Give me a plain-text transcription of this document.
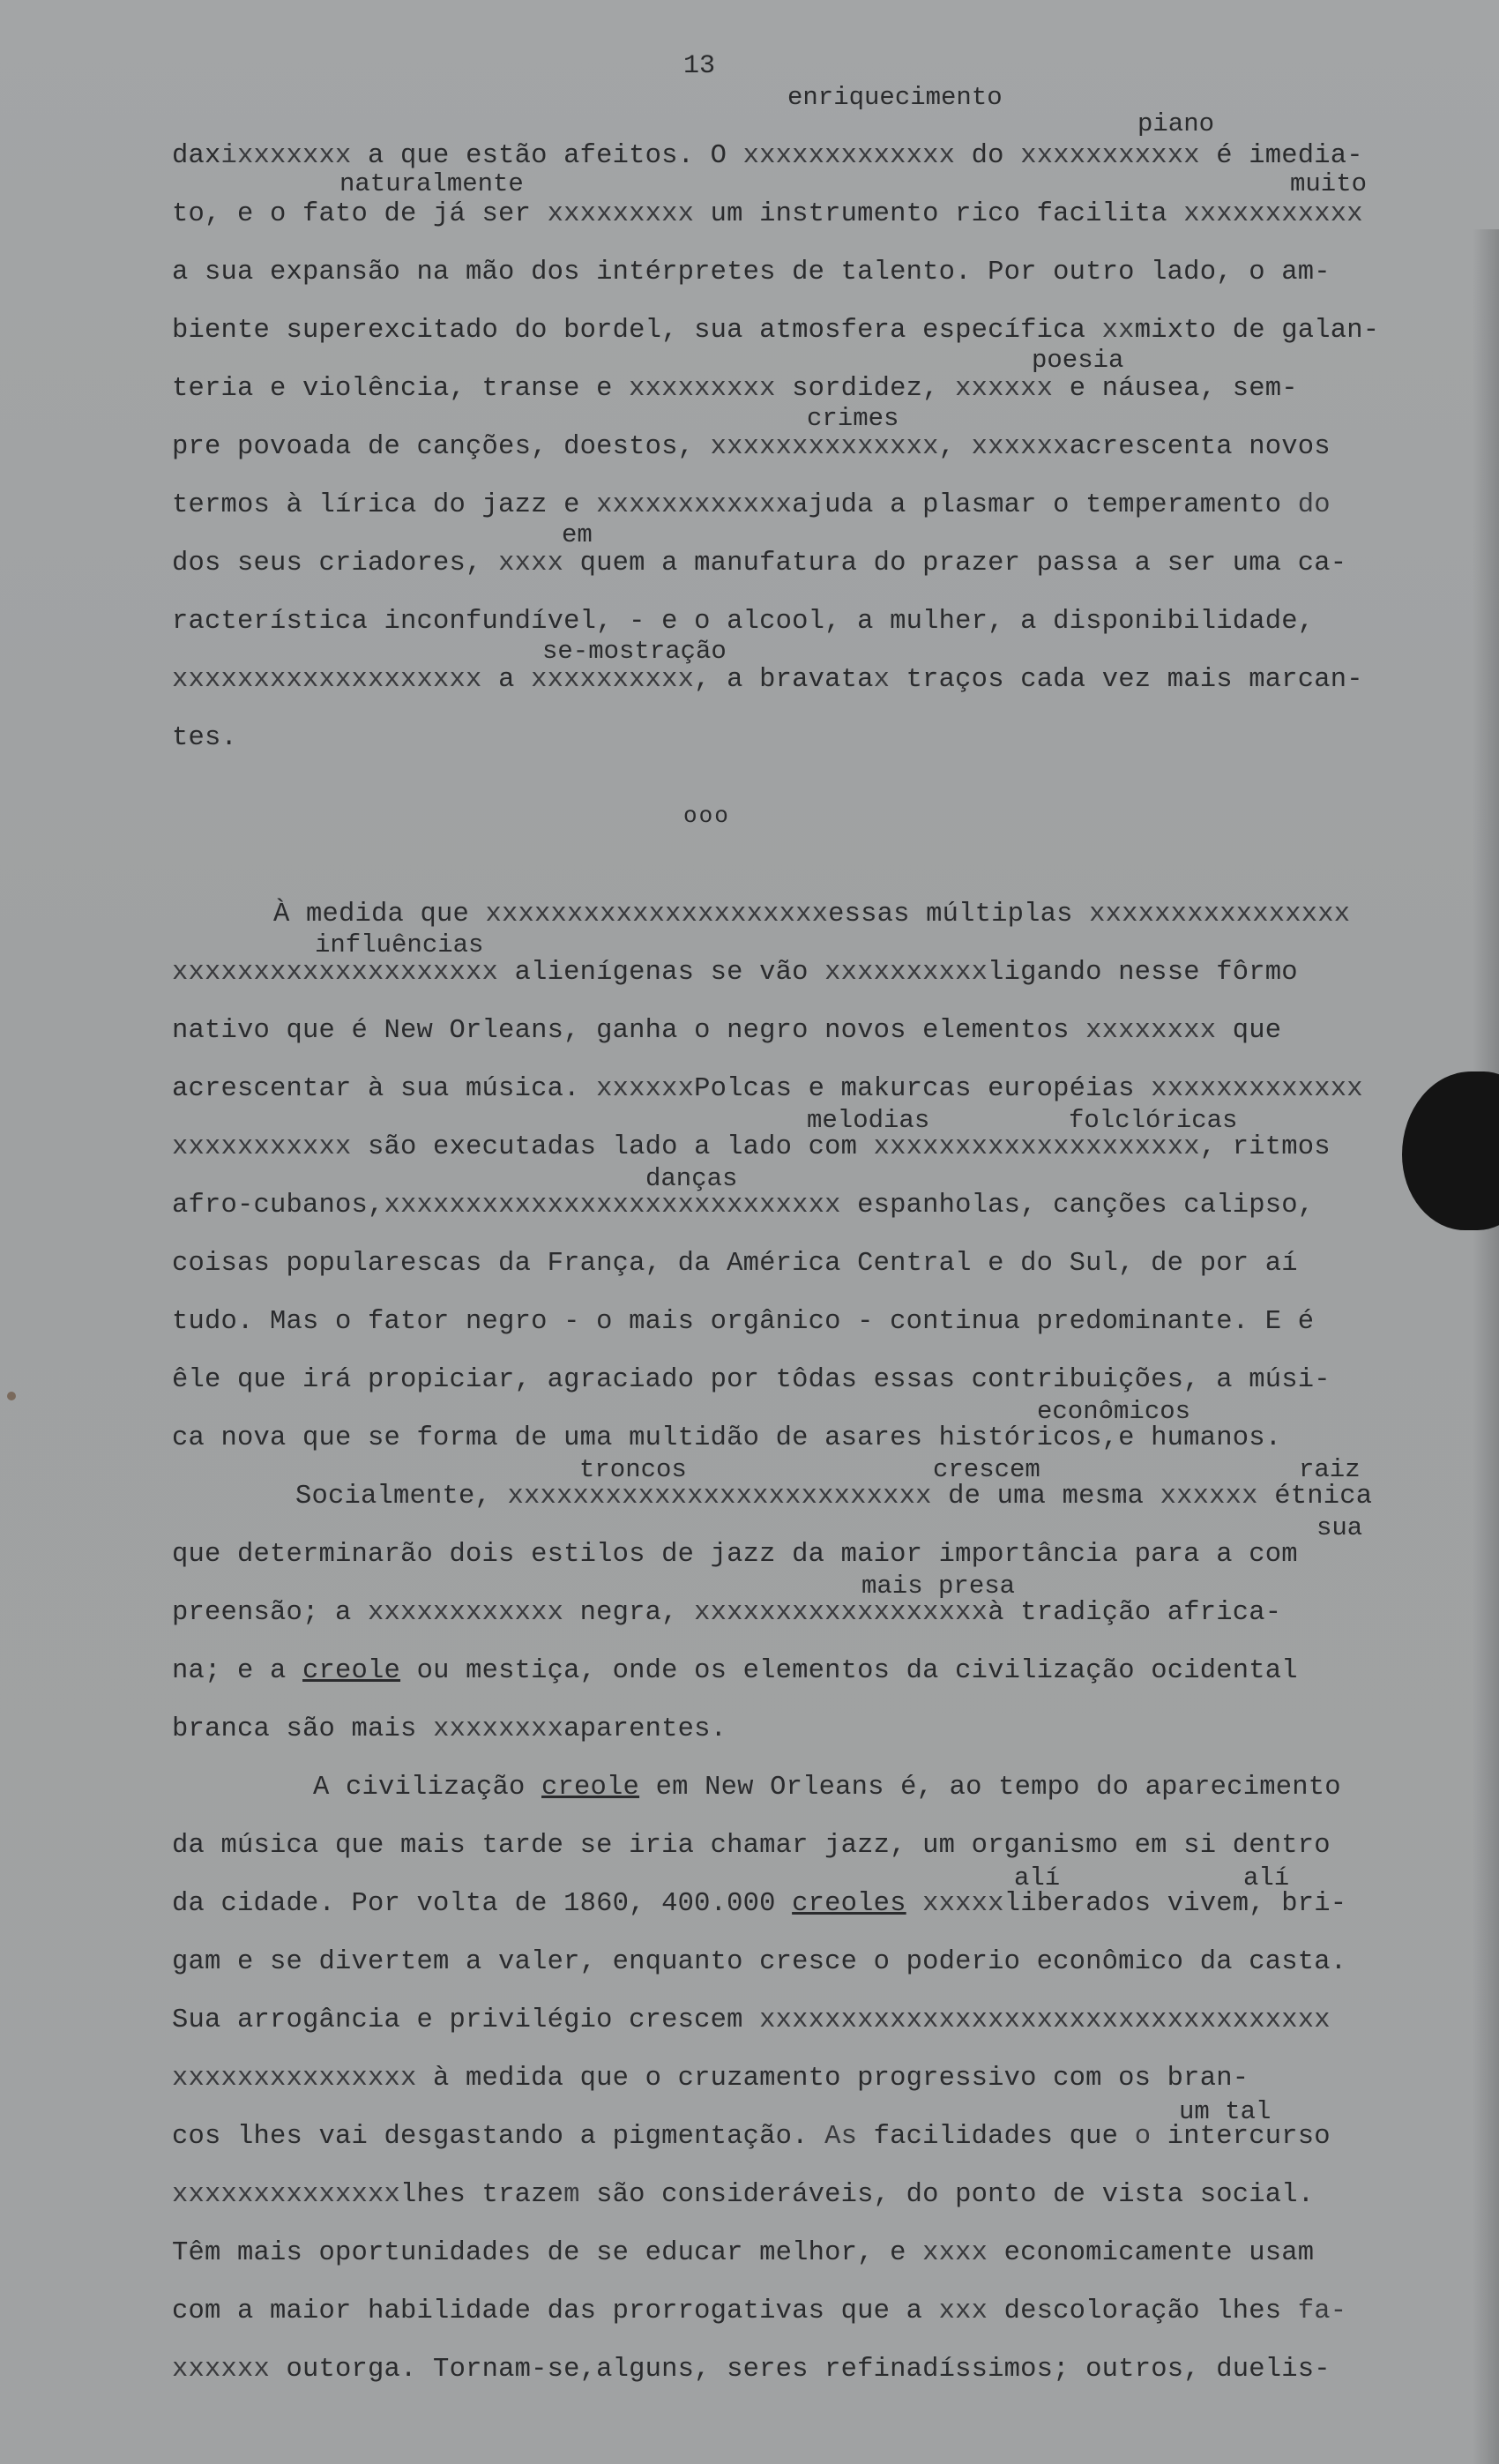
13
enriquecimento
piano
naturalmente	muito
poesia
crimes
em
se-mostração
influências
melodias	folclóricas
danças
econômicos
troncos	crescem	raiz
sua
mais presa
alí	alí
um tal
daxixxxxxxx a que estão afeitos. O xxxxxxxxxxxxx do xxxxxxxxxxx é imedia-
to, e o fato de já ser xxxxxxxxx um instrumento rico facilita xxxxxxxxxxx
a sua expansão na mão dos intérpretes de talento. Por outro lado, o am-
biente superexcitado do bordel, sua atmosfera específica xxmixto de galan-
teria e violência, transe e xxxxxxxxx sordidez, xxxxxx e náusea, sem-
pre povoada de canções, doestos, xxxxxxxxxxxxxx, xxxxxxacrescenta novos
termos à lírica do jazz e xxxxxxxxxxxxajuda a plasmar o temperamento do
dos seus criadores, xxxx quem a manufatura do prazer passa a ser uma ca-
racterística inconfundível, - e o alcool, a mulher, a disponibilidade,
xxxxxxxxxxxxxxxxxxx a xxxxxxxxxx, a bravatax traços cada vez mais marcan-
tes.
ooo
À medida que xxxxxxxxxxxxxxxxxxxxxessas múltiplas xxxxxxxxxxxxxxxx
xxxxxxxxxxxxxxxxxxxx alienígenas se vão xxxxxxxxxxligando nesse fôrmo
nativo que é New Orleans, ganha o negro novos elementos xxxxxxxx que
acrescentar à sua música. xxxxxxPolcas e makurcas européias xxxxxxxxxxxxx
xxxxxxxxxxx são executadas lado a lado com xxxxxxxxxxxxxxxxxxxx, ritmos
afro-cubanos,xxxxxxxxxxxxxxxxxxxxxxxxxxxx espanholas, canções calipso,
coisas popularescas da França, da América Central e do Sul, de por aí
tudo. Mas o fator negro - o mais orgânico - continua predominante. E é
êle que irá propiciar, agraciado por tôdas essas contribuições, a músi-
ca nova que se forma de uma multidão de asares históricos,e humanos.
Socialmente, xxxxxxxxxxxxxxxxxxxxxxxxxx de uma mesma xxxxxx étnica
que determinarão dois estilos de jazz da maior importância para a com
preensão; a xxxxxxxxxxxx negra, xxxxxxxxxxxxxxxxxxà tradição africa-
na; e a creole ou mestiça, onde os elementos da civilização ocidental
branca são mais xxxxxxxxaparentes.
A civilização creole em New Orleans é, ao tempo do aparecimento
da música que mais tarde se iria chamar jazz, um organismo em si dentro
da cidade. Por volta de 1860, 400.000 creoles xxxxxliberados vivem, bri-
gam e se divertem a valer, enquanto cresce o poderio econômico da casta.
Sua arrogância e privilégio crescem xxxxxxxxxxxxxxxxxxxxxxxxxxxxxxxxxxx
xxxxxxxxxxxxxxx à medida que o cruzamento progressivo com os bran-
cos lhes vai desgastando a pigmentação. As facilidades que o intercurso
xxxxxxxxxxxxxxlhes trazem são consideráveis, do ponto de vista social.
Têm mais oportunidades de se educar melhor, e xxxx economicamente usam
com a maior habilidade das prorrogativas que a xxx descoloração lhes fa-
xxxxxx outorga. Tornam-se,alguns, seres refinadíssimos; outros, duelis-
